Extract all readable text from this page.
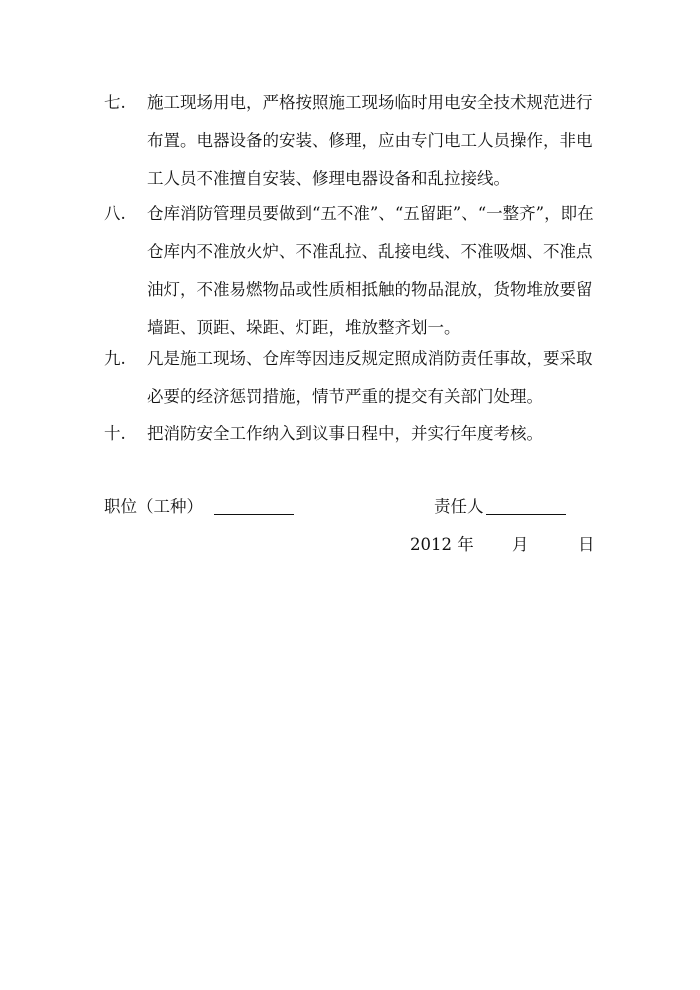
七. 施工现场用电，严格按照施工现场临时用电安全技术规范进行
布置。电器设备的安装、修理，应由专门电工人员操作，非电
工人员不准擅自安装、修理电器设备和乱拉接线。
八. 仓库消防管理员要做到“五不准”、“五留距”、“一整齐”，即在
仓库内不准放火炉、不准乱拉、乱接电线、不准吸烟、不准点
油灯，不准易燃物品或性质相抵触的物品混放，货物堆放要留
墙距、顶距、垛距、灯距，堆放整齐划一。
九. 凡是施工现场、仓库等因违反规定照成消防责任事故，要采取
必要的经济惩罚措施，情节严重的提交有关部门处理。
十. 把消防安全工作纳入到议事日程中，并实行年度考核。
职位（工种）	责任人
2012 年 月	日
